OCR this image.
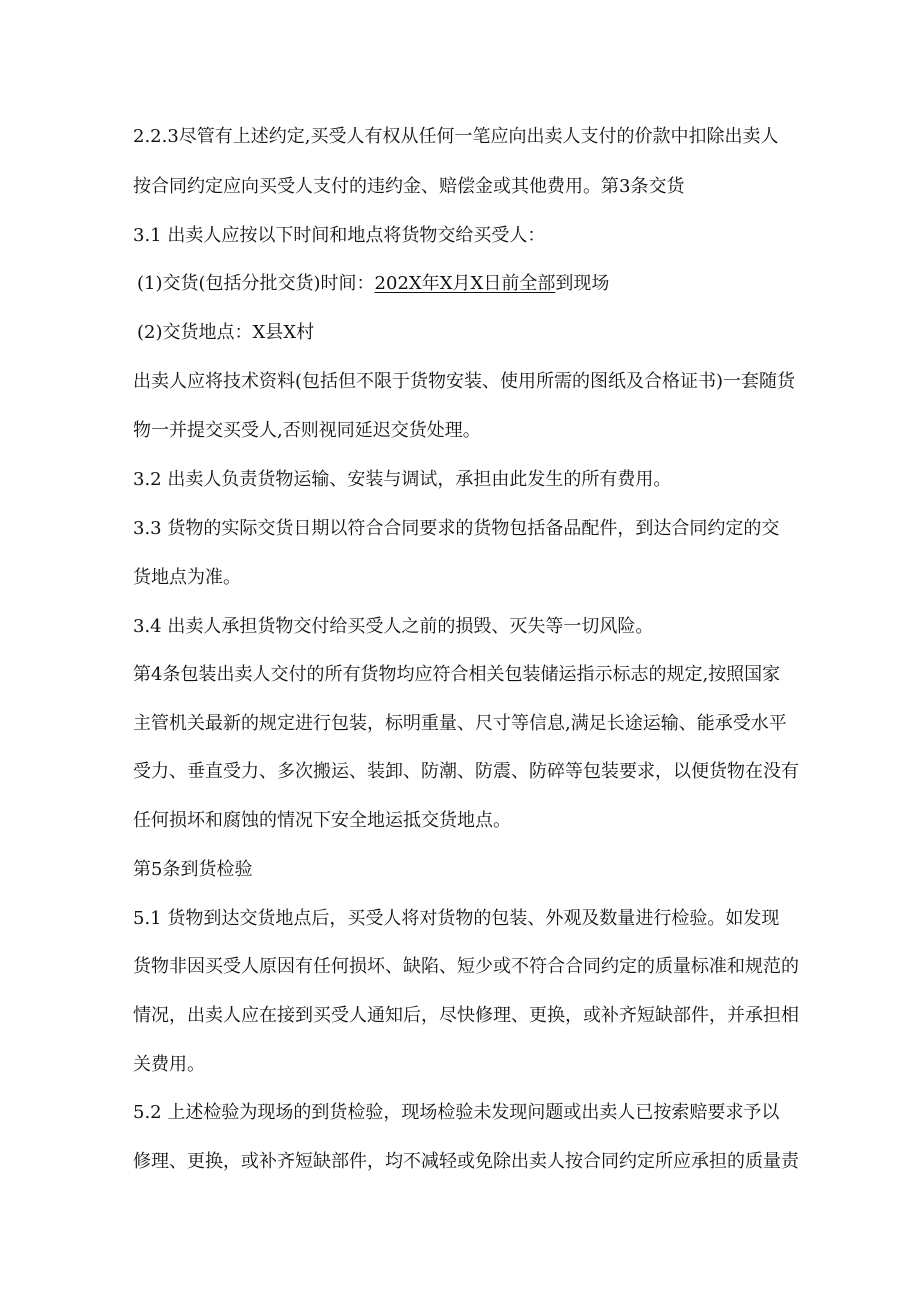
2.2.3尽管有上述约定,买受人有权从任何一笔应向出卖人支付的价款中扣除出卖人
按合同约定应向买受人支付的违约金、赔偿金或其他费用。第3条交货
3.1 出卖人应按以下时间和地点将货物交给买受人：
(1)交货(包括分批交货)时间：202X年X月X日前全部到现场
(2)交货地点：X县X村
出卖人应将技术资料(包括但不限于货物安装、使用所需的图纸及合格证书)一套随货
物一并提交买受人,否则视同延迟交货处理。
3.2 出卖人负责货物运输、安装与调试，承担由此发生的所有费用。
3.3 货物的实际交货日期以符合合同要求的货物包括备品配件，到达合同约定的交
货地点为准。
3.4 出卖人承担货物交付给买受人之前的损毁、灭失等一切风险。
第4条包装出卖人交付的所有货物均应符合相关包装储运指示标志的规定,按照国家
主管机关最新的规定进行包装，标明重量、尺寸等信息,满足长途运输、能承受水平
受力、垂直受力、多次搬运、装卸、防潮、防震、防碎等包装要求，以便货物在没有
任何损坏和腐蚀的情况下安全地运抵交货地点。
第5条到货检验
5.1 货物到达交货地点后，买受人将对货物的包装、外观及数量进行检验。如发现
货物非因买受人原因有任何损坏、缺陷、短少或不符合合同约定的质量标准和规范的
情况，出卖人应在接到买受人通知后，尽快修理、更换，或补齐短缺部件，并承担相
关费用。
5.2 上述检验为现场的到货检验，现场检验未发现问题或出卖人已按索赔要求予以
修理、更换，或补齐短缺部件，均不减轻或免除出卖人按合同约定所应承担的质量责
